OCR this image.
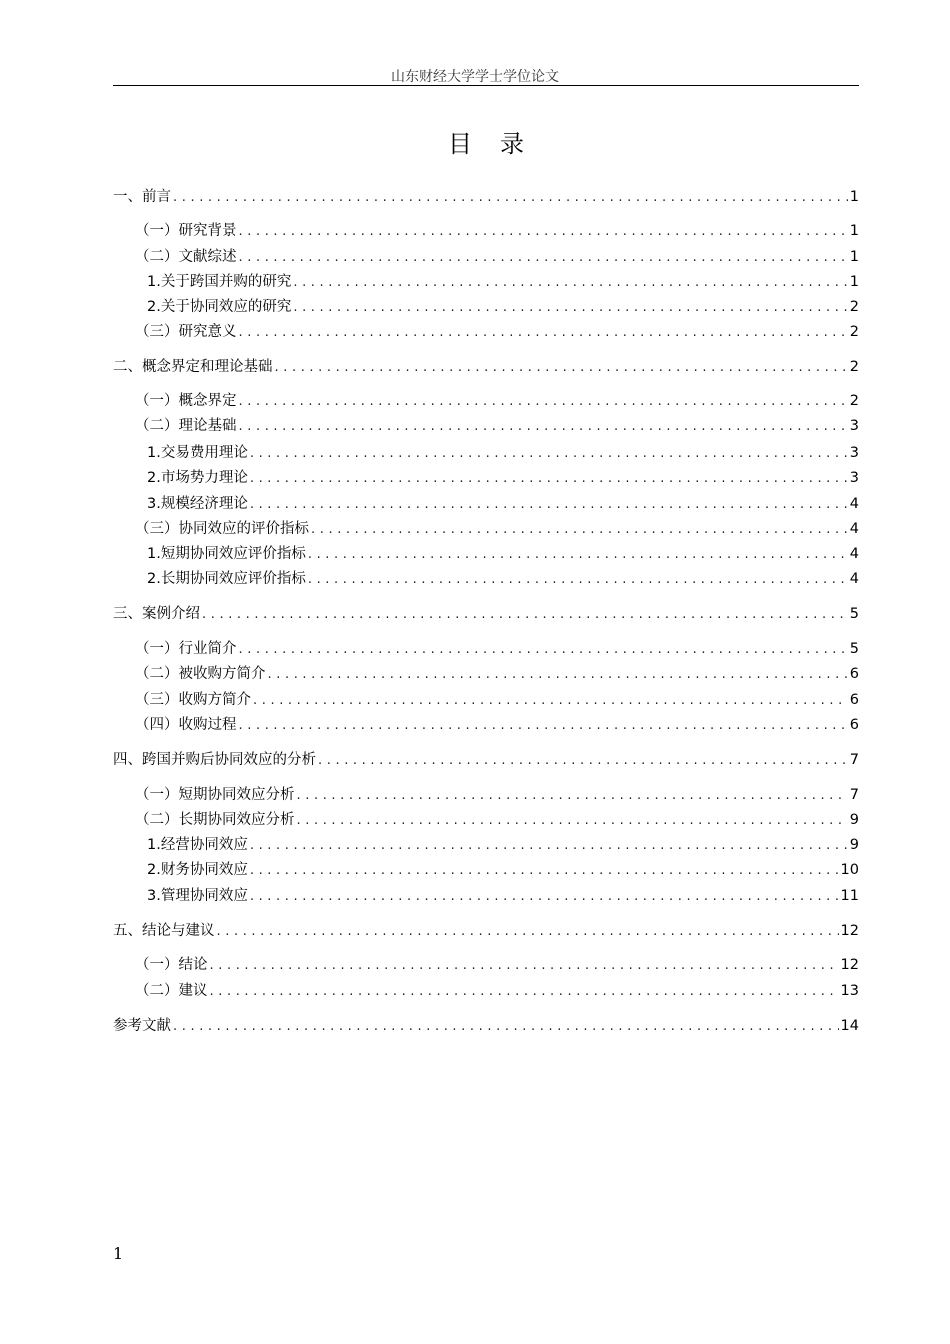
山东财经大学学士学位论文
目录
一、前言 .....	1
（一）研究背景 .....	1
（二）文献综述 .....	1
1.关于跨国并购的研究 .....	1
2.关于协同效应的研究 .....	2
（三）研究意义 .....	2
二、概念界定和理论基础 .....	2
（一）概念界定 .....	2
（二）理论基础 .....	3
1.交易费用理论 .....	3
2.市场势力理论 .....	3
3.规模经济理论 .....	4
（三）协同效应的评价指标 .....	4
1.短期协同效应评价指标 .....	4
2.长期协同效应评价指标 .....	4
三、案例介绍 .....	5
（一）行业简介 .....	5
（二）被收购方简介 .....	6
（三）收购方简介 .....	6
（四）收购过程 .....	6
四、跨国并购后协同效应的分析 .....	7
（一）短期协同效应分析 .....	7
（二）长期协同效应分析 .....	9
1.经营协同效应 .....	9
2.财务协同效应 .....	10
3.管理协同效应 .....	11
五、结论与建议 .....	12
（一）结论 .....	12
（二）建议 .....	13
参考文献 .....	14
1
